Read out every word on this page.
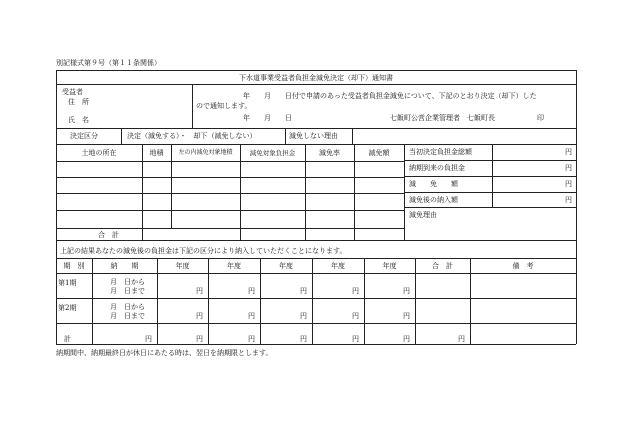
別記様式第９号（第１１条関係）
下水道事業受益者負担金減免決定（却下）通知書
受益者
住　所
氏　名
年　　月　　日付で申請のあった受益者負担金減免について、下記のとおり決定（却下）した
ので通知します。
年　　月　　日	七飯町公営企業管理者　七飯町長	印
決定区分	決定（減免する）・　却下（減免しない）	減免しない理由
土地の所在	地積	左の内減免対象地積	減免対象負担金	減免率	減免額
合　計
当初決定負担金総額	円
納期到来の負担金	円
減　　免　　額	円
減免後の納入額	円
減免理由
上記の結果あなたの減免後の負担金は下記の区分により納入していただくことになります。
期　別	納　　期	年度	年度	年度	年度	年度	合　計	備　考
第1期	月　日から
月　日まで	円	円	円	円	円
第2期	月　日から
月　日まで	円	円	円	円	円
計	円	円	円	円	円	円	円
納期間中、納期最終日が休日にあたる時は、翌日を納期限とします。
